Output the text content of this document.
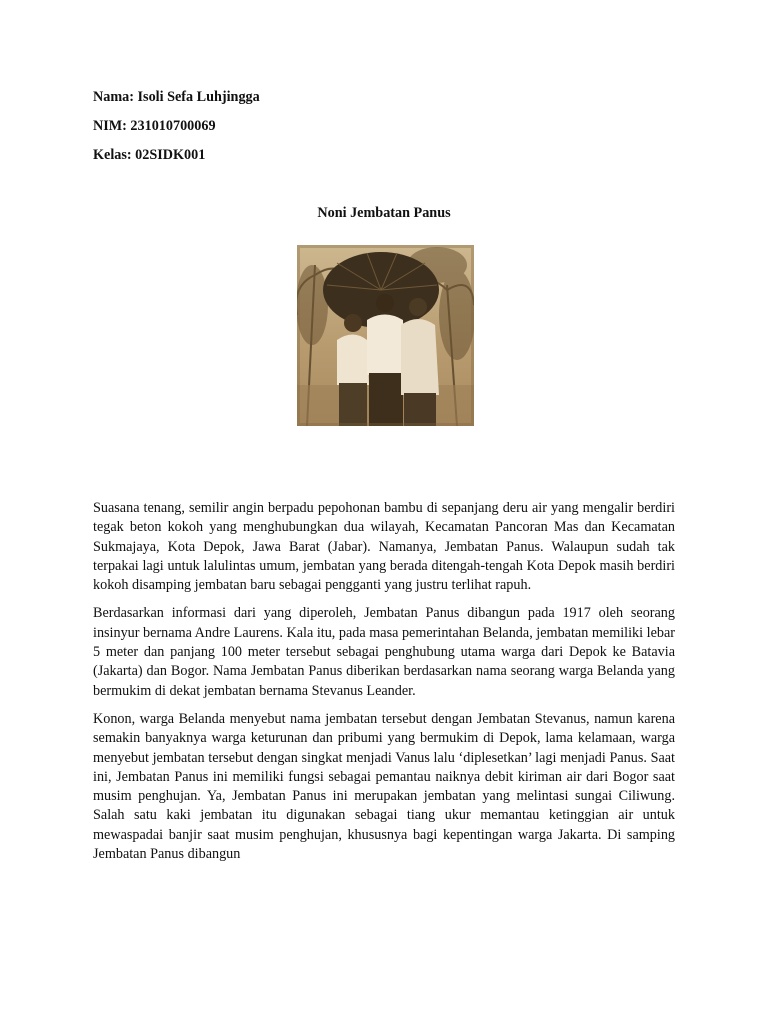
Nama: Isoli Sefa Luhjingga
NIM: 231010700069
Kelas: 02SIDK001
Noni Jembatan Panus

Suasana tenang, semilir angin berpadu pepohonan bambu di sepanjang deru air yang mengalir berdiri tegak beton kokoh yang menghubungkan dua wilayah, Kecamatan Pancoran Mas dan Kecamatan Sukmajaya, Kota Depok, Jawa Barat (Jabar). Namanya, Jembatan Panus. Walaupun sudah tak terpakai lagi untuk lalulintas umum, jembatan yang berada ditengah-tengah Kota Depok masih berdiri kokoh disamping jembatan baru sebagai pengganti yang justru terlihat rapuh.

Berdasarkan informasi dari yang diperoleh, Jembatan Panus dibangun pada 1917 oleh seorang insinyur bernama Andre Laurens. Kala itu, pada masa pemerintahan Belanda, jembatan memiliki lebar 5 meter dan panjang 100 meter tersebut sebagai penghubung utama warga dari Depok ke Batavia (Jakarta) dan Bogor. Nama Jembatan Panus diberikan berdasarkan nama seorang warga Belanda yang bermukim di dekat jembatan bernama Stevanus Leander.

Konon, warga Belanda menyebut nama jembatan tersebut dengan Jembatan Stevanus, namun karena semakin banyaknya warga keturunan dan pribumi yang bermukim di Depok, lama kelamaan, warga menyebut jembatan tersebut dengan singkat menjadi Vanus lalu ‘diplesetkan’ lagi menjadi Panus. Saat ini, Jembatan Panus ini memiliki fungsi sebagai pemantau naiknya debit kiriman air dari Bogor saat musim penghujan. Ya, Jembatan Panus ini merupakan jembatan yang melintasi sungai Ciliwung. Salah satu kaki jembatan itu digunakan sebagai tiang ukur memantau ketinggian air untuk mewaspadai banjir saat musim penghujan, khususnya bagi kepentingan warga Jakarta. Di samping Jembatan Panus dibangun
